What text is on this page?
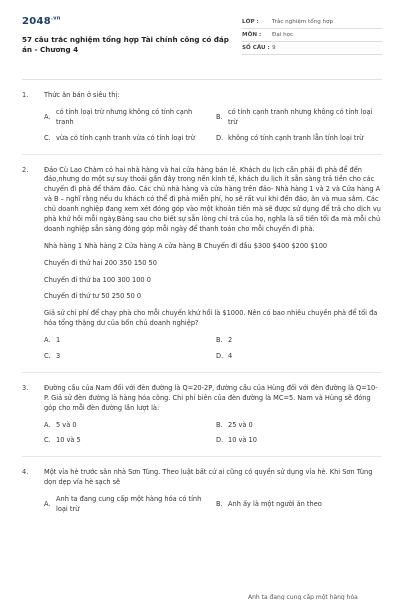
$2048^{.vn}$
57 câu trắc nghiệm tổng hợp Tài chính công có đáp án - Chương 4
LỚP :	Trắc nghiệm tổng hợp
MÔN :	Đại học
SỐ CÂU : 9
1. Thức ăn bán ở siêu thị:

A.
có tính loại trừ nhưng không có tính cạnh tranh
B.
có tính cạnh tranh nhưng không có tính loại trừ
C. vừa có tính cạnh tranh vừa có tính loại trừ	D. không có tính cạnh tranh lẫn tính loại trừ
2. Đảo Cù Lao Chàm có hai nhà hàng và hai cửa hàng bán lẻ. Khách du lịch cần phải đi phà để đến đảo,nhưng do một sự suy thoái gần đây trong nền kinh tế, khách du lịch ít sẵn sàng trả tiền cho các chuyến đi phà để thăm đảo. Các chủ nhà hàng và cửa hàng trên đảo- Nhà hàng 1 và 2 và Cửa hàng A và B – nghĩ rằng nếu du khách có thể đi phà miễn phí, họ sẽ rất vui khi đến đảo, ăn và mua sắm. Các chủ doanh nghiệp đang xem xét đóng góp vào một khoản tiền mà sẽ được sử dụng để trả cho dịch vụ phà khứ hồi mỗi ngày.Bảng sau cho biết sự sẵn lòng chi trả của họ, nghĩa là số tiền tối đa mà mỗi chủ doanh nghiệp sẵn sàng đóng góp mỗi ngày để thanh toán cho mỗi chuyến đi phà.

Nhà hàng 1 Nhà hàng 2 Cửa hàng A cửa hàng B Chuyến đi đầu $300 $400 $200 $100

Chuyến đi thứ hai 200 350 150 50

Chuyến đi thứ ba 100 300 100 0

Chuyến đi thứ tư 50 250 50 0

Giả sử chi phí để chạy phà cho mỗi chuyến khứ hồi là $1000. Nên có bao nhiêu chuyến phà để tối đa hóa tổng thặng dư của bốn chủ doanh nghiệp?

A. 1	B. 2
C. 3	D. 4
3. Đường cầu của Nam đối với đèn đường là Q=20-2P, đường cầu của Hùng đối với đèn đường là Q=10-P. Giả sử đèn đường là hàng hóa công. Chi phí biên của đèn đường là MC=5. Nam và Hùng sẽ đóng góp cho mỗi đèn đường lần lượt là:

A. 5 và 0	B. 25 và 0
C. 10 và 5	D. 10 và 10
4. Một vỉa hè trước sân nhà Sơn Tùng. Theo luật bất cứ ai cũng có quyền sử dụng vỉa hè. Khi Sơn Tùng dọn dẹp vỉa hè sạch sẽ

A.
Anh ta đang cung cấp một hàng hóa có tính loại trừ
B. Anh ấy là một người ăn theo
Anh ta đang cung cấp một hàng hóa
